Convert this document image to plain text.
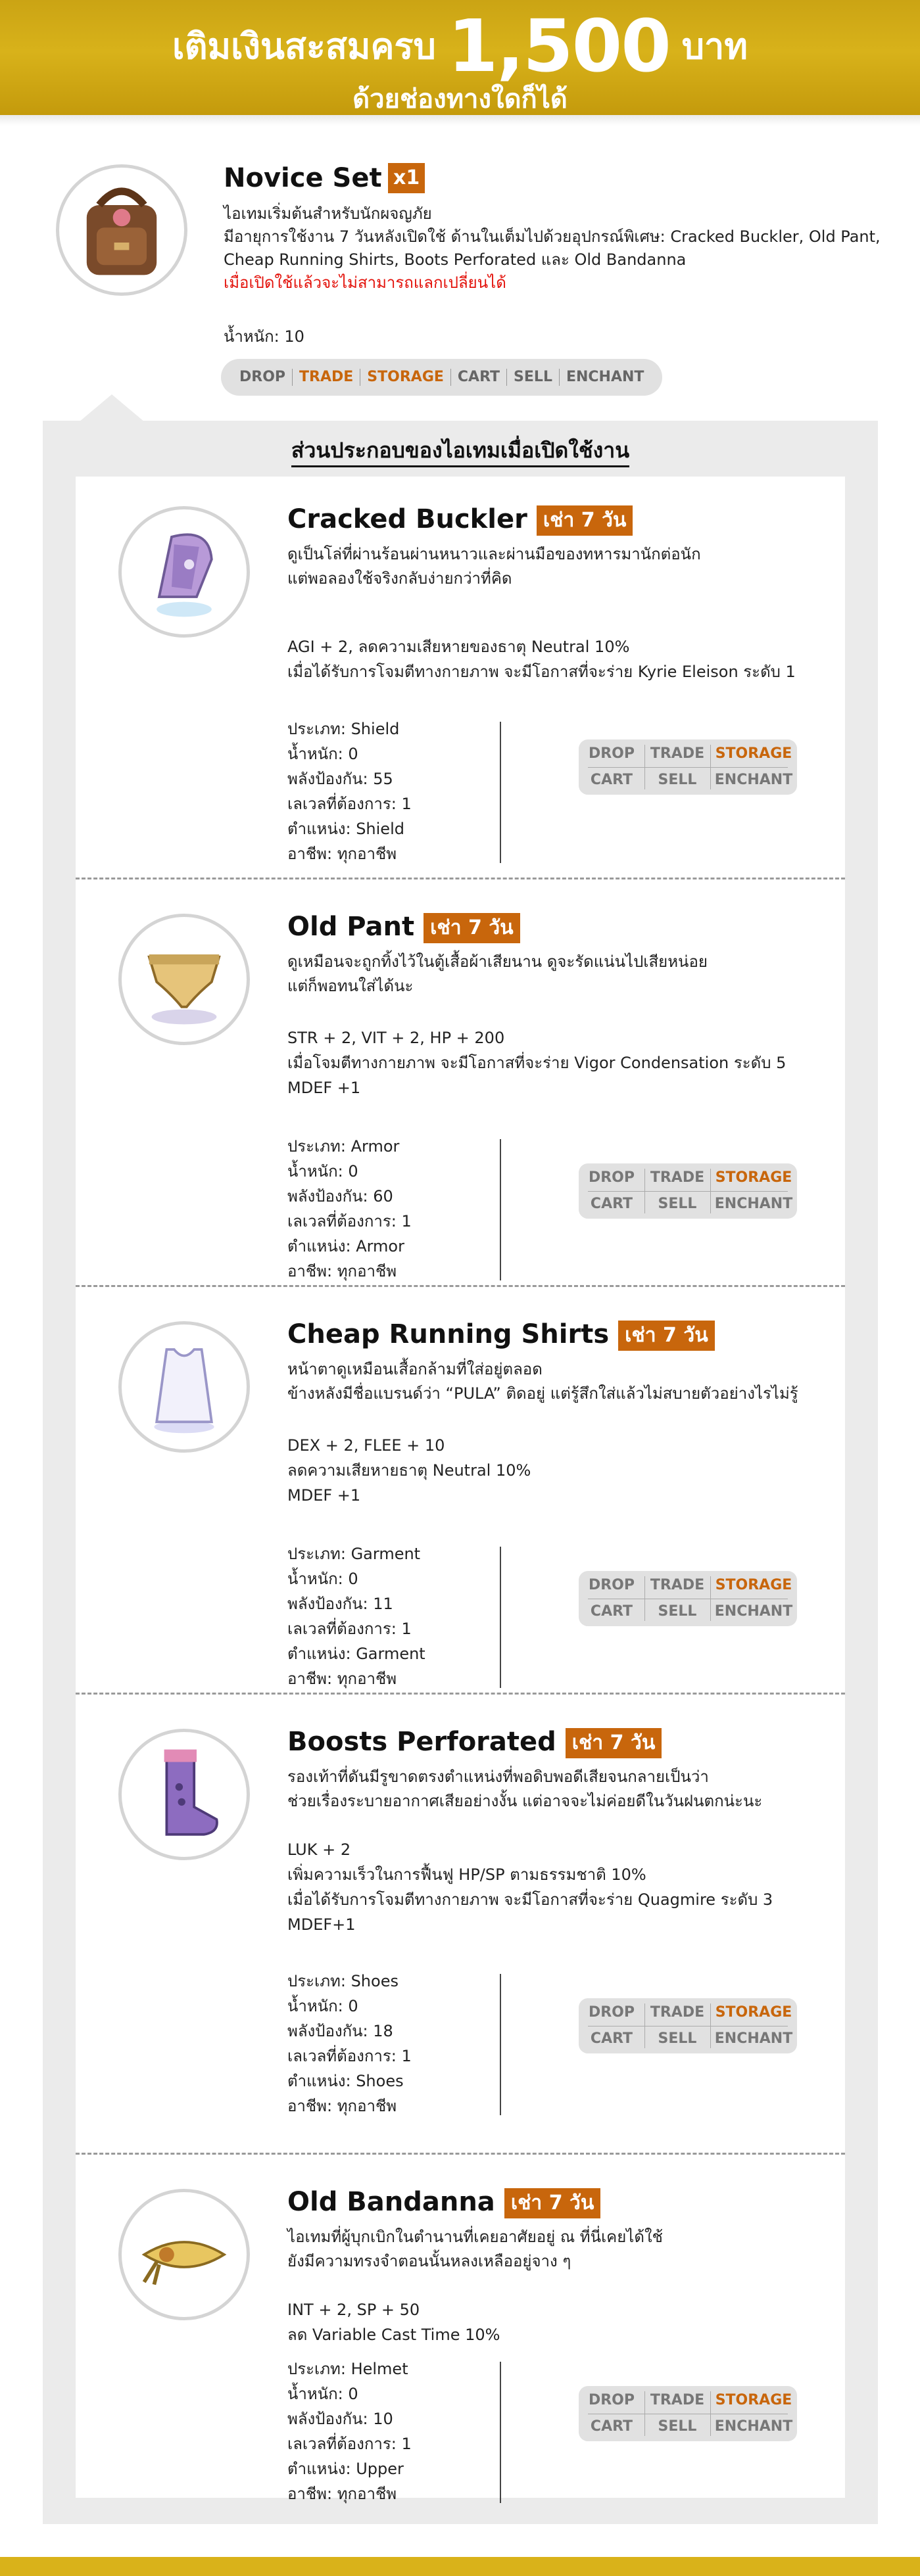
เติมเงินสะสมครบ 1,500 บาท
ด้วยช่องทางใดก็ได้
Novice Set x1
ไอเทมเริ่มต้นสำหรับนักผจญภัย
มีอายุการใช้งาน 7 วันหลังเปิดใช้ ด้านในเต็มไปด้วยอุปกรณ์พิเศษ: Cracked Buckler, Old Pant,
Cheap Running Shirts, Boots Perforated และ Old Bandanna
เมื่อเปิดใช้แล้วจะไม่สามารถแลกเปลี่ยนได้
น้ำหนัก: 10
DROP TRADE STORAGE CART SELL ENCHANT
ส่วนประกอบของไอเทมเมื่อเปิดใช้งาน
Cracked Buckler เช่า 7 วัน
ดูเป็นโล่ที่ผ่านร้อนผ่านหนาวและผ่านมือของทหารมานักต่อนัก
แต่พอลองใช้จริงกลับง่ายกว่าที่คิด
AGI + 2, ลดความเสียหายของธาตุ Neutral 10%
เมื่อได้รับการโจมตีทางกายภาพ จะมีโอกาสที่จะร่าย Kyrie Eleison ระดับ 1
ประเภท: Shield
น้ำหนัก: 0
พลังป้องกัน: 55
เลเวลที่ต้องการ: 1
ตำแหน่ง: Shield
อาชีพ: ทุกอาชีพ
DROP	TRADE STORAGE
CART	SELL	ENCHANT
Old Pant เช่า 7 วัน
ดูเหมือนจะถูกทิ้งไว้ในตู้เสื้อผ้าเสียนาน ดูจะรัดแน่นไปเสียหน่อย
แต่ก็พอทนใส่ได้นะ
STR + 2, VIT + 2, HP + 200
เมื่อโจมตีทางกายภาพ จะมีโอกาสที่จะร่าย Vigor Condensation ระดับ 5
MDEF +1
ประเภท: Armor
น้ำหนัก: 0
พลังป้องกัน: 60
เลเวลที่ต้องการ: 1
ตำแหน่ง: Armor
อาชีพ: ทุกอาชีพ
DROP	TRADE STORAGE
CART	SELL	ENCHANT
Cheap Running Shirts เช่า 7 วัน
หน้าตาดูเหมือนเสื้อกล้ามที่ใส่อยู่ตลอด
ข้างหลังมีชื่อแบรนด์ว่า “PULA” ติดอยู่ แต่รู้สึกใส่แล้วไม่สบายตัวอย่างไรไม่รู้
DEX + 2, FLEE + 10
ลดความเสียหายธาตุ Neutral 10%
MDEF +1
ประเภท: Garment
น้ำหนัก: 0
พลังป้องกัน: 11
เลเวลที่ต้องการ: 1
ตำแหน่ง: Garment
อาชีพ: ทุกอาชีพ
DROP	TRADE STORAGE
CART	SELL	ENCHANT
Boosts Perforated เช่า 7 วัน
รองเท้าที่ดันมีรูขาดตรงตำแหน่งที่พอดิบพอดีเสียจนกลายเป็นว่า
ช่วยเรื่องระบายอากาศเสียอย่างงั้น แต่อาจจะไม่ค่อยดีในวันฝนตกน่ะนะ
LUK + 2
เพิ่มความเร็วในการฟื้นฟู HP/SP ตามธรรมชาติ 10%
เมื่อได้รับการโจมตีทางกายภาพ จะมีโอกาสที่จะร่าย Quagmire ระดับ 3
MDEF+1
ประเภท: Shoes
น้ำหนัก: 0
พลังป้องกัน: 18
เลเวลที่ต้องการ: 1
ตำแหน่ง: Shoes
อาชีพ: ทุกอาชีพ
DROP	TRADE STORAGE
CART	SELL	ENCHANT
Old Bandanna เช่า 7 วัน
ไอเทมที่ผู้บุกเบิกในตำนานที่เคยอาศัยอยู่ ณ ที่นี่เคยได้ใช้
ยังมีความทรงจำตอนนั้นหลงเหลืออยู่จาง ๆ
INT + 2, SP + 50
ลด Variable Cast Time 10%
ประเภท: Helmet
น้ำหนัก: 0
พลังป้องกัน: 10
เลเวลที่ต้องการ: 1
ตำแหน่ง: Upper
อาชีพ: ทุกอาชีพ
DROP	TRADE STORAGE
CART	SELL	ENCHANT
